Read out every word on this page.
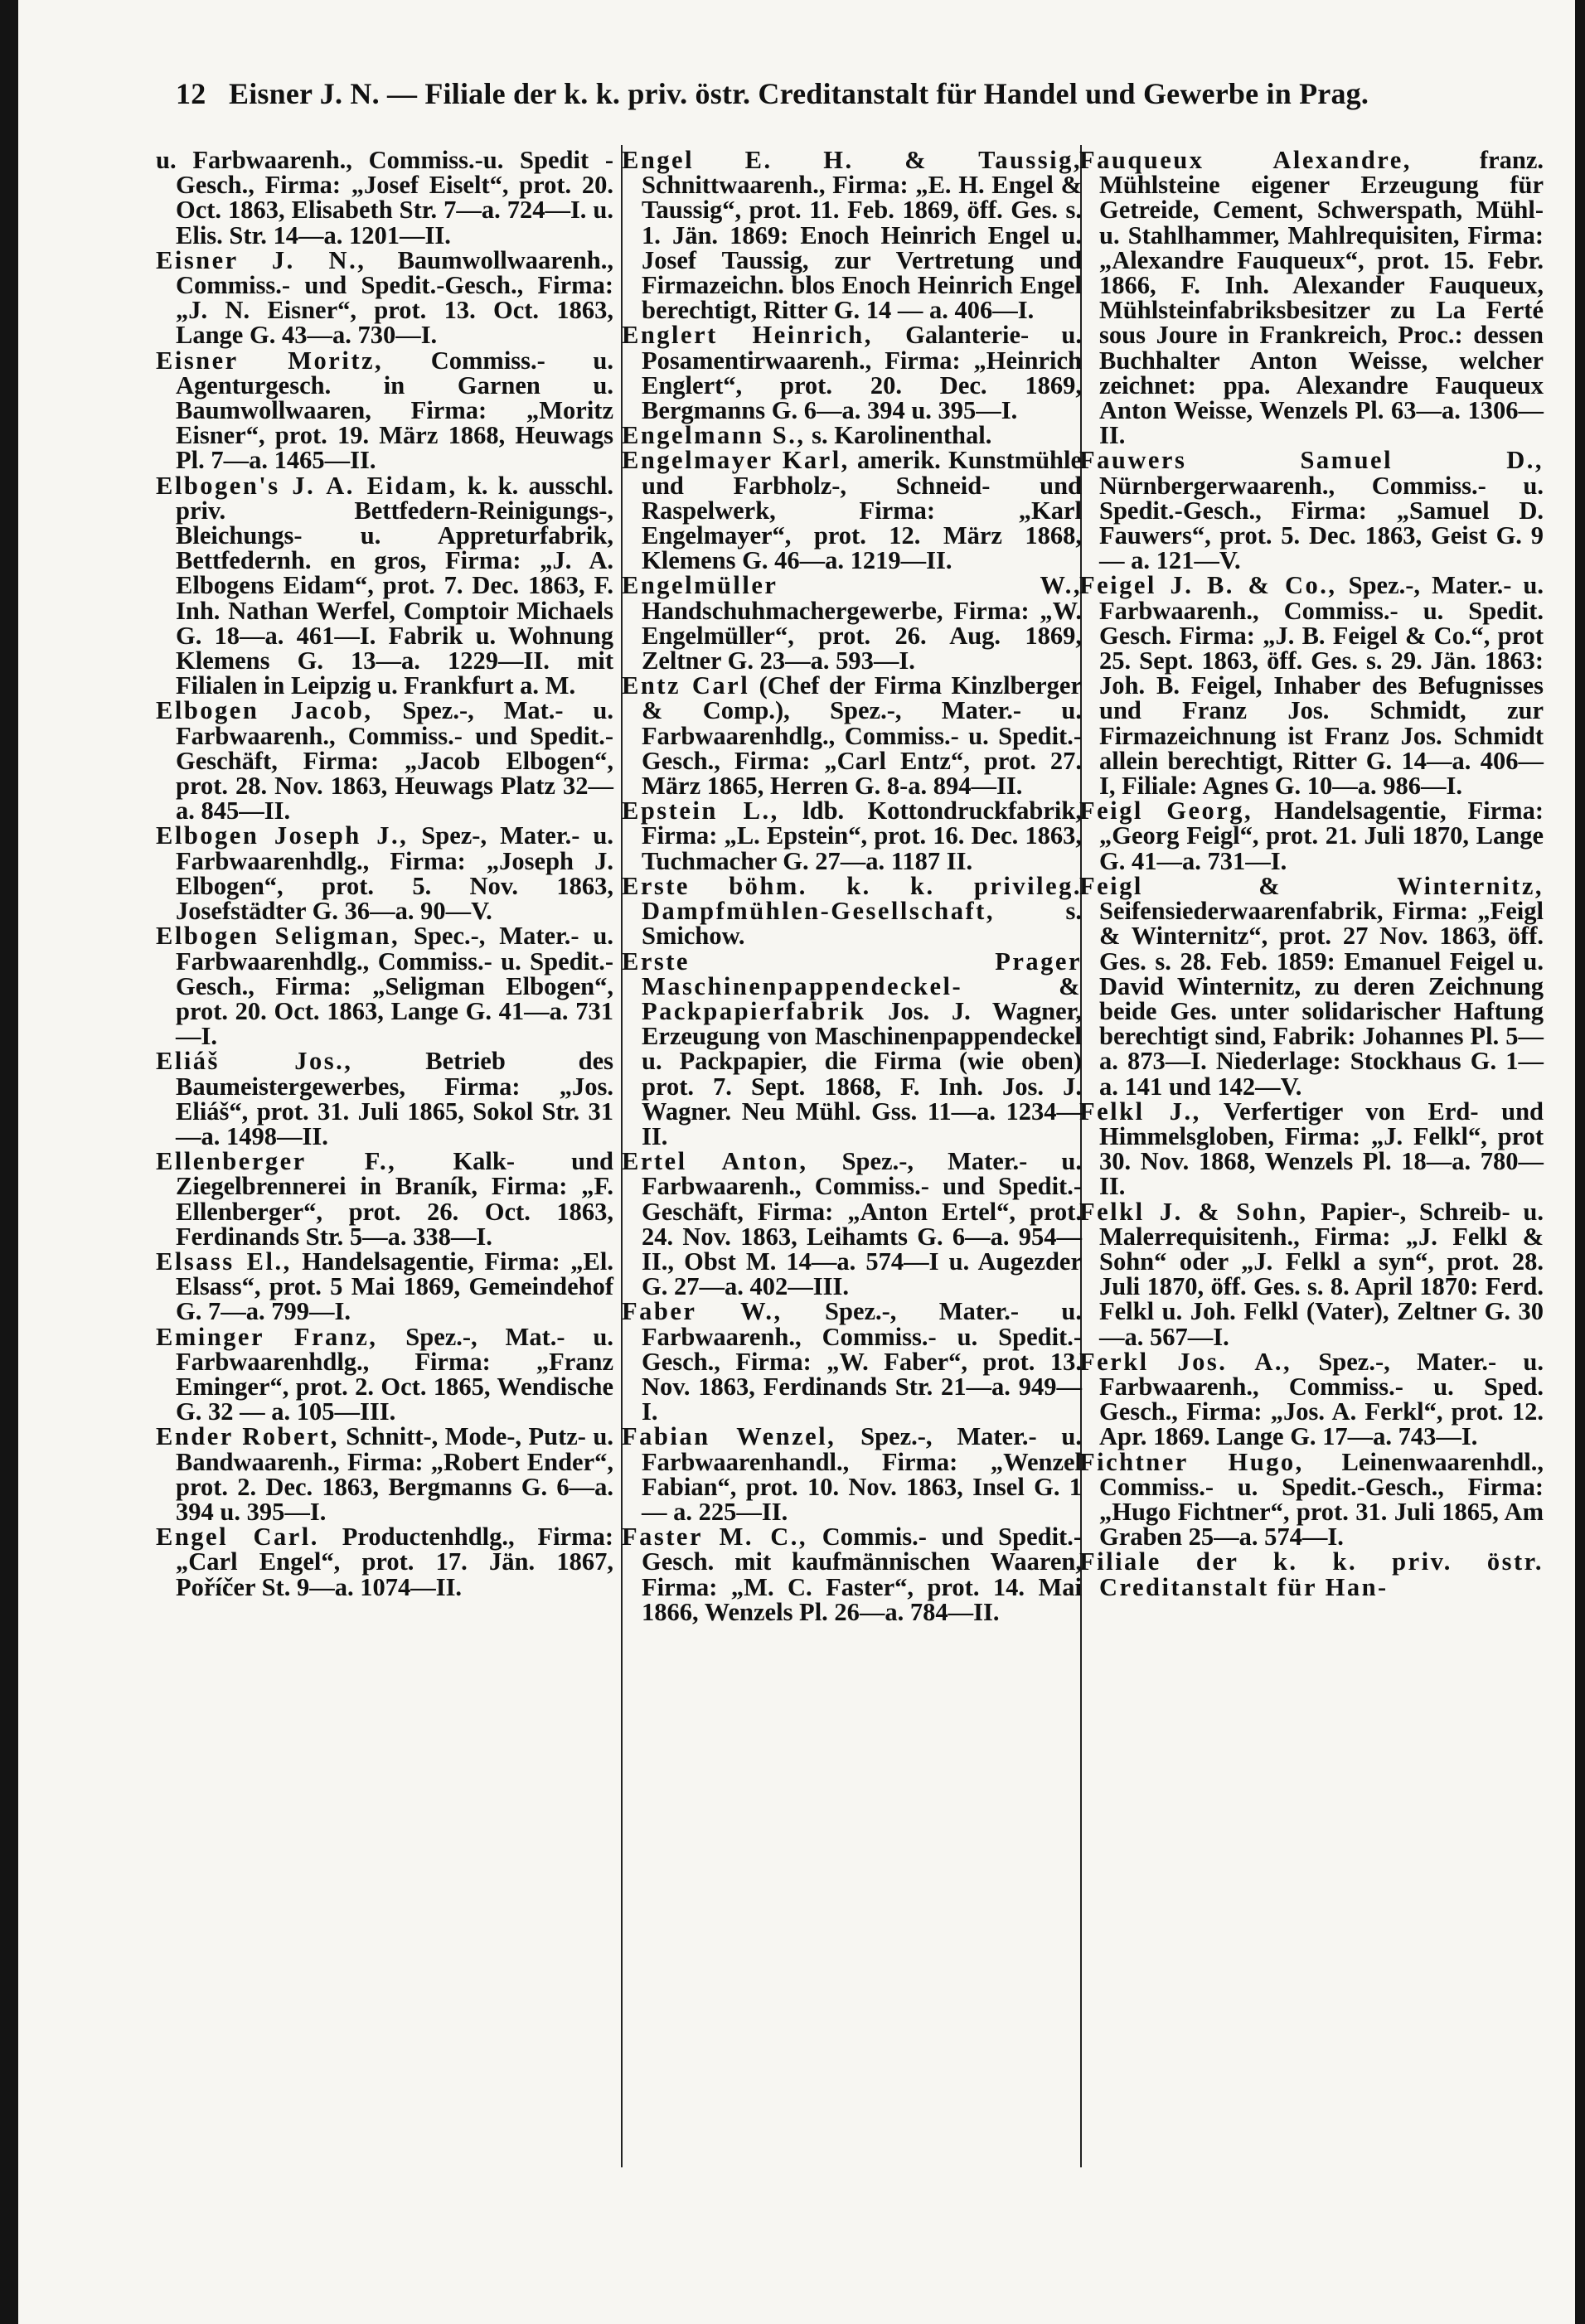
12 Eisner J. N. — Filiale der k. k. priv. östr. Creditanstalt für Handel und Gewerbe in Prag.

u. Farbwaarenh., Commiss.-u. Spedit -Gesch., Firma: „Josef Eiselt“, prot. 20. Oct. 1863, Elisabeth Str. 7—a. 724—I. u. Elis. Str. 14—a. 1201—II.

Eisner J. N., Baumwollwaarenh., Commiss.- und Spedit.-Gesch., Firma: „J. N. Eisner“, prot. 13. Oct. 1863, Lange G. 43—a. 730—I.

Eisner Moritz, Commiss.- u. Agenturgesch. in Garnen u. Baumwollwaaren, Firma: „Moritz Eisner“, prot. 19. März 1868, Heuwags Pl. 7—a. 1465—II.

Elbogen's J. A. Eidam, k. k. ausschl. priv. Bettfedern-Reinigungs-, Bleichungs- u. Appreturfabrik, Bettfedernh. en gros, Firma: „J. A. Elbogens Eidam“, prot. 7. Dec. 1863, F. Inh. Nathan Werfel, Comptoir Michaels G. 18—a. 461—I. Fabrik u. Wohnung Klemens G. 13—a. 1229—II. mit Filialen in Leipzig u. Frankfurt a. M.

Elbogen Jacob, Spez.-, Mat.- u. Farbwaarenh., Commiss.- und Spedit.-Geschäft, Firma: „Jacob Elbogen“, prot. 28. Nov. 1863, Heuwags Platz 32—a. 845—II.

Elbogen Joseph J., Spez-, Mater.- u. Farbwaarenhdlg., Firma: „Joseph J. Elbogen“, prot. 5. Nov. 1863, Josefstädter G. 36—a. 90—V.

Elbogen Seligman, Spec.-, Mater.- u. Farbwaarenhdlg., Commiss.- u. Spedit.-Gesch., Firma: „Seligman Elbogen“, prot. 20. Oct. 1863, Lange G. 41—a. 731—I.

Eliáš Jos.,	Betrieb des Baumeistergewerbes, Firma: „Jos. Eliáš“, prot. 31. Juli 1865, Sokol Str. 31—a. 1498—II.

Ellenberger F., Kalk- und Ziegelbrennerei in Braník, Firma: „F. Ellenberger“, prot. 26. Oct. 1863, Ferdinands Str. 5—a. 338—I.

Elsass El., Handelsagentie, Firma: „El. Elsass“, prot. 5 Mai 1869, Gemeindehof G. 7—a. 799—I.

Eminger Franz, Spez.-, Mat.- u. Farbwaarenhdlg., Firma: „Franz Eminger“, prot. 2. Oct. 1865, Wendische G. 32 — a. 105—III.

Ender Robert, Schnitt-, Mode-, Putz- u. Bandwaarenh., Firma: „Robert Ender“, prot. 2. Dec. 1863, Bergmanns G. 6—a. 394 u. 395—I.

Engel Carl. Productenhdlg., Firma: „Carl Engel“, prot. 17. Jän. 1867, Poříčer St. 9—a. 1074—II.

Engel E. H. & Taussig, Schnittwaarenh., Firma: „E. H. Engel & Taussig“, prot. 11. Feb. 1869, öff. Ges. s. 1. Jän. 1869: Enoch Heinrich Engel u. Josef Taussig, zur Vertretung und Firmazeichn. blos Enoch Heinrich Engel berechtigt, Ritter G. 14 — a. 406—I.

Englert Heinrich, Galanterie- u. Posamentirwaarenh., Firma: „Heinrich Englert“, prot. 20. Dec. 1869, Bergmanns G. 6—a. 394 u. 395—I.

Engelmann S., s. Karolinenthal.

Engelmayer Karl, amerik. Kunstmühle und Farbholz-, Schneid- und Raspelwerk, Firma: „Karl Engelmayer“, prot. 12. März 1868, Klemens G. 46—a. 1219—II.

Engelmüller W., Handschuhmachergewerbe, Firma: „W. Engelmüller“, prot. 26. Aug. 1869, Zeltner G. 23—a. 593—I.

Entz Carl (Chef der Firma Kinzlberger & Comp.), Spez.-, Mater.- u. Farbwaarenhdlg., Commiss.- u. Spedit.-Gesch., Firma: „Carl Entz“, prot. 27. März 1865, Herren G. 8-a. 894—II.

Epstein L., ldb. Kottondruckfabrik, Firma: „L. Epstein“, prot. 16. Dec. 1863, Tuchmacher G. 27—a. 1187 II.

Erste böhm. k. k. privileg. Dampfmühlen-Gesellschaft,	s. Smichow.

Erste Prager Maschinenpappendeckel- & Packpapierfabrik Jos. J. Wagner, Erzeugung von Maschinenpappendeckel u. Packpapier, die Firma (wie oben) prot. 7. Sept. 1868, F. Inh. Jos. J. Wagner. Neu Mühl. Gss. 11—a. 1234—II.

Ertel Anton, Spez.-, Mater.- u. Farbwaarenh., Commiss.- und Spedit.-Geschäft, Firma: „Anton Ertel“, prot. 24. Nov. 1863, Leihamts G. 6—a. 954—II., Obst M. 14—a. 574—I u. Augezder G. 27—a. 402—III.

Faber W., Spez.-, Mater.- u. Farbwaarenh., Commiss.- u. Spedit.-Gesch., Firma: „W. Faber“, prot. 13. Nov. 1863, Ferdinands Str. 21—a. 949—I.

Fabian Wenzel, Spez.-, Mater.- u. Farbwaarenhandl., Firma: „Wenzel Fabian“, prot. 10. Nov. 1863, Insel G. 1 — a. 225—II.

Faster M. C., Commis.- und Spedit.-Gesch. mit kaufmännischen Waaren, Firma: „M. C. Faster“, prot. 14. Mai 1866, Wenzels Pl. 26—a. 784—II.

Fauqueux Alexandre,	franz. Mühlsteine eigener Erzeugung für Getreide, Cement, Schwerspath, Mühl- u. Stahlhammer, Mahlrequisiten, Firma: „Alexandre Fauqueux“, prot. 15. Febr. 1866, F. Inh. Alexander Fauqueux, Mühlsteinfabriksbesitzer zu La Ferté sous Joure in Frankreich, Proc.: dessen Buchhalter Anton Weisse, welcher zeichnet: ppa. Alexandre Fauqueux Anton Weisse, Wenzels Pl. 63—a. 1306—II.

Fauwers Samuel D., Nürnbergerwaarenh., Commiss.- u. Spedit.-Gesch., Firma: „Samuel D. Fauwers“, prot. 5. Dec. 1863, Geist G. 9 — a. 121—V.

Feigel J. B. & Co., Spez.-, Mater.- u. Farbwaarenh., Commiss.- u. Spedit. Gesch. Firma: „J. B. Feigel & Co.“, prot 25. Sept. 1863, öff. Ges. s. 29. Jän. 1863: Joh. B. Feigel, Inhaber des Befugnisses und Franz Jos. Schmidt, zur Firmazeichnung ist Franz Jos. Schmidt allein berechtigt, Ritter G. 14—a. 406—I, Filiale: Agnes G. 10—a. 986—I.

Feigl Georg, Handelsagentie, Firma: „Georg Feigl“, prot. 21. Juli 1870, Lange G. 41—a. 731—I.

Feigl & Winternitz, Seifensiederwaarenfabrik, Firma: „Feigl & Winternitz“, prot. 27 Nov. 1863, öff. Ges. s. 28. Feb. 1859: Emanuel Feigel u. David Winternitz, zu deren Zeichnung beide Ges. unter solidarischer Haftung berechtigt sind, Fabrik: Johannes Pl. 5—a. 873—I. Niederlage: Stockhaus G. 1—a. 141 und 142—V.

Felkl J., Verfertiger von Erd- und Himmelsgloben, Firma: „J. Felkl“, prot 30. Nov. 1868, Wenzels Pl. 18—a. 780—II.

Felkl J. & Sohn, Papier-, Schreib- u. Malerrequisitenh., Firma: „J. Felkl & Sohn“ oder „J. Felkl a syn“, prot. 28. Juli 1870, öff. Ges. s. 8. April 1870: Ferd. Felkl u. Joh. Felkl (Vater), Zeltner G. 30—a. 567—I.

Ferkl Jos. A., Spez.-, Mater.- u. Farbwaarenh., Commiss.- u. Sped. Gesch., Firma: „Jos. A. Ferkl“, prot. 12. Apr. 1869. Lange G. 17—a. 743—I.

Fichtner Hugo, Leinenwaarenhdl., Commiss.- u. Spedit.-Gesch., Firma: „Hugo Fichtner“, prot. 31. Juli 1865, Am Graben 25—a. 574—I.

Filiale der k. k. priv. östr. Creditanstalt für Han-
